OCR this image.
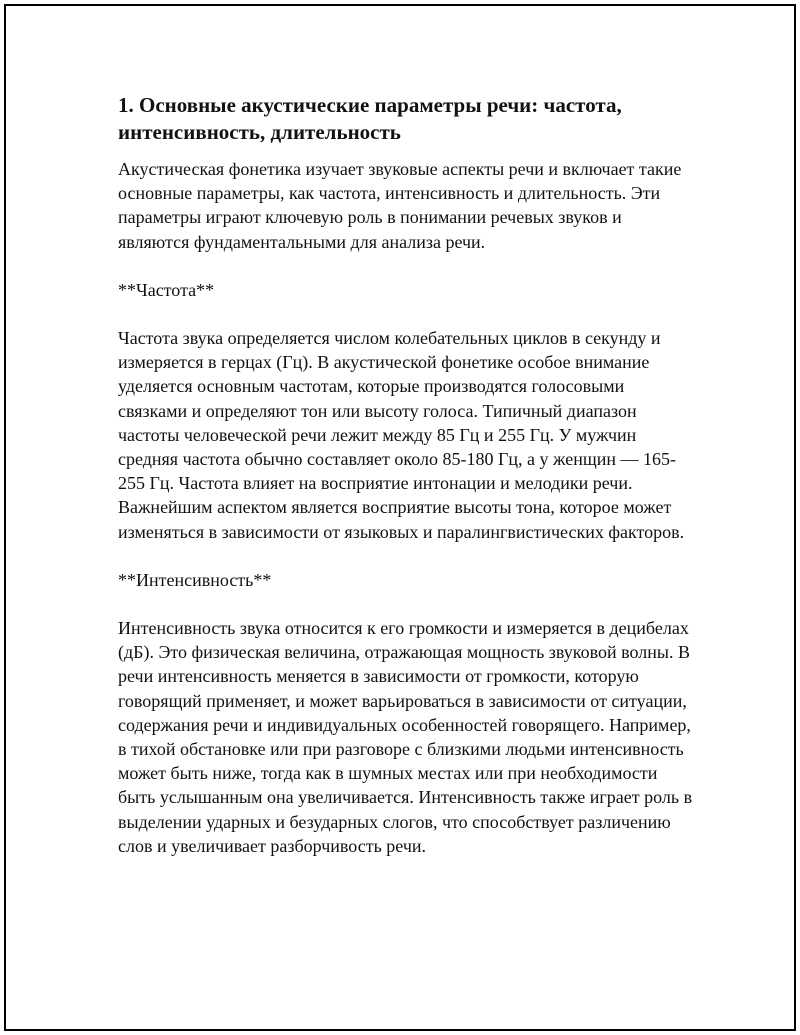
1. Основные акустические параметры речи: частота, интенсивность, длительность

Акустическая фонетика изучает звуковые аспекты речи и включает такие основные параметры, как частота, интенсивность и длительность. Эти параметры играют ключевую роль в понимании речевых звуков и являются фундаментальными для анализа речи.

**Частота**

Частота звука определяется числом колебательных циклов в секунду и измеряется в герцах (Гц). В акустической фонетике особое внимание уделяется основным частотам, которые производятся голосовыми связками и определяют тон или высоту голоса. Типичный диапазон частоты человеческой речи лежит между 85 Гц и 255 Гц. У мужчин средняя частота обычно составляет около 85-180 Гц, а у женщин — 165-255 Гц. Частота влияет на восприятие интонации и мелодики речи. Важнейшим аспектом является восприятие высоты тона, которое может изменяться в зависимости от языковых и паралингвистических факторов.

**Интенсивность**

Интенсивность звука относится к его громкости и измеряется в децибелах (дБ). Это физическая величина, отражающая мощность звуковой волны. В речи интенсивность меняется в зависимости от громкости, которую говорящий применяет, и может варьироваться в зависимости от ситуации, содержания речи и индивидуальных особенностей говорящего. Например, в тихой обстановке или при разговоре с близкими людьми интенсивность может быть ниже, тогда как в шумных местах или при необходимости быть услышанным она увеличивается. Интенсивность также играет роль в выделении ударных и безударных слогов, что способствует различению слов и увеличивает разборчивость речи.
